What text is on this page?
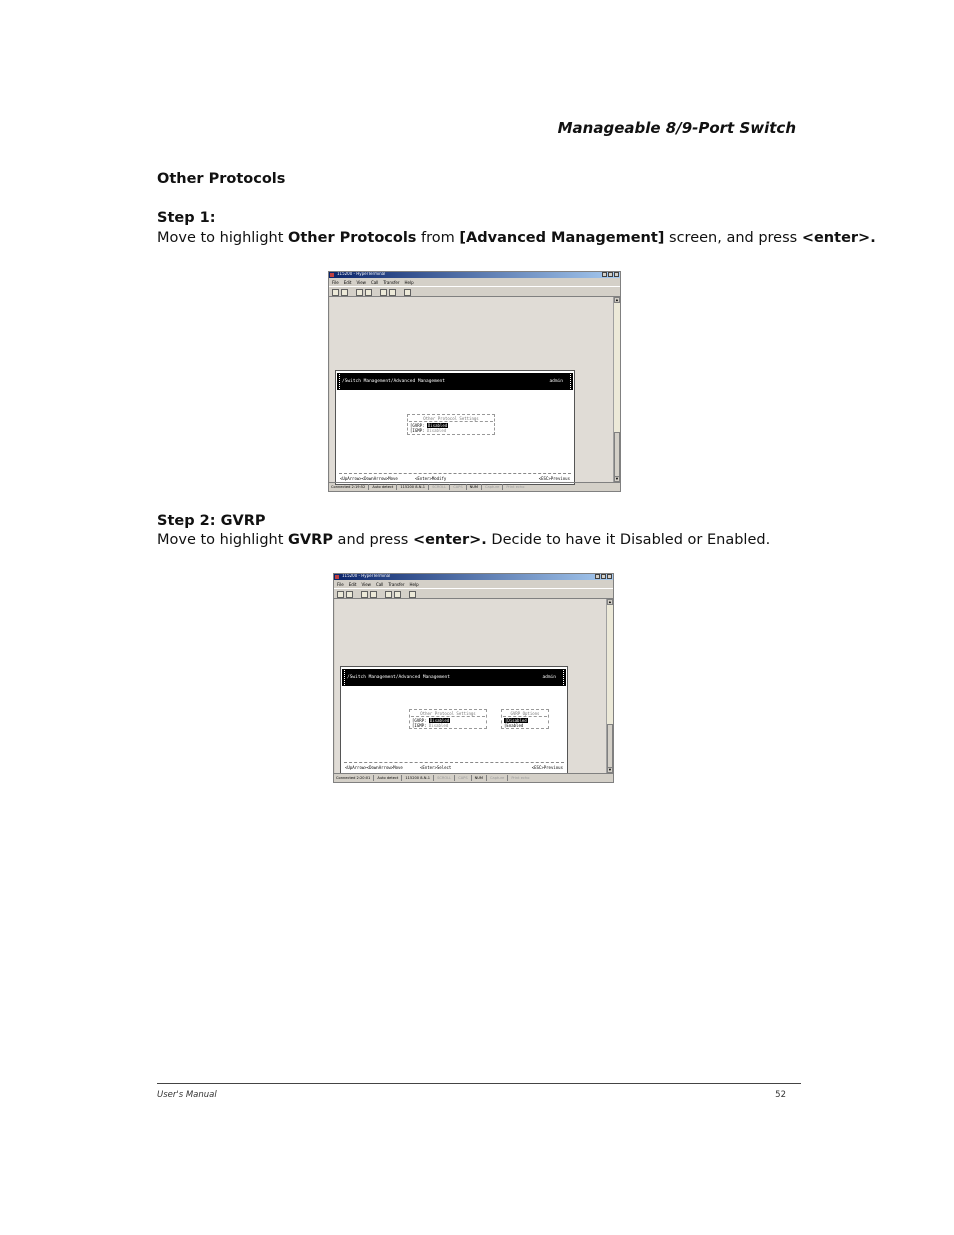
Manageable 8/9-Port Switch
Other Protocols
Step 1:
Move to highlight Other Protocols from [Advanced Management] screen, and press <enter>.
115200 - HyperTerminal
File Edit View Call Transfer Help
/Switch Management/Advanced Management	admin
Other Protocol Settings
[GVRP: Disabled
[IGMP: Disabled
<UpArrow><DownArrow>Move	<Enter>Modify	<ESC>Previous
▲
▼
Connected 2:19:52 Auto detect 115200 8-N-1 SCROLL CAPS NUM Capture Print echo
Step 2: GVRP
Move to highlight GVRP and press <enter>. Decide to have it Disabled or Enabled.
115200 - HyperTerminal
File Edit View Call Transfer Help
/Switch Management/Advanced Management	admin
Other Protocol Settings
[GVRP: Disabled
[IGMP: Disabled
GVRP Options
[Disabled
[Enabled
<UpArrow><DownArrow>Move	<Enter>Select	<ESC>Previous
▲
▼
Connected 2:20:01 Auto detect 115200 8-N-1 SCROLL CAPS NUM Capture Print echo
User's Manual	52
